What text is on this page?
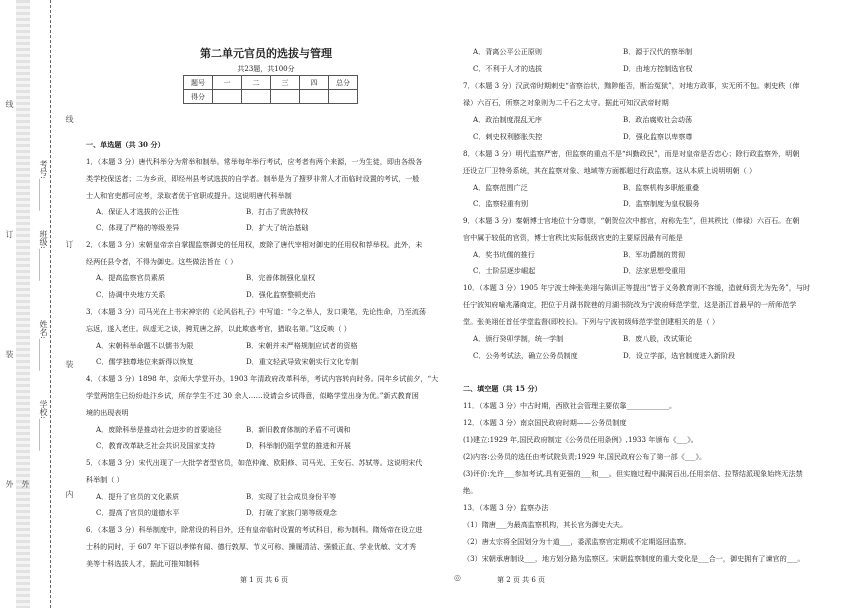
线
订
装
外 外
线
订
装
内
学校:________
姓名:________
班级:________
考号:________
第二单元官员的选拔与管理
共23题，共100分
题号	一	二	三	四	总分
得分					

一、单选题（共 30 分）

1．（本题 3 分）唐代科举分为常举和制举。常举每年举行考试，应考者有两个来源，一为生徒，即由各级各

类学校保送者；二为乡贡，即经州县考试选拔的自学者。制举是为了搜罗非常人才而临时设置的考试，一般

士人和官吏都可应考，录取者优于官职或提升。这说明唐代科举制

A．保证人才选拔的公正性	B．打击了贵族特权

C．体现了严格的等级差异	D．扩大了统治基础

2．（本题 3 分）宋朝皇帝亲自掌握监察御史的任用权，废除了唐代宰相对御史的任用权和荐举权。此外，未

经两任县令者，不得为御史。这些做法旨在（ ）

A．提高监察官员素质	B．完善体制强化皇权

C．协调中央地方关系	D．强化监察整顿吏治

3．（本题 3 分）司马光在上书宋神宗的《论风俗札子》中写道：“今之举人，发口秉笔，先论性命，乃至流荡

忘返，遂入老庄。纵虚无之谈，骋荒唐之辞，以此欺惑考官，猎取名第。”这反映（ ）

A．宋朝科举命题不以儒书为限	B．宋朝并未严格规制应试者的资格

C．儒学独尊地位来新得以恢复	D．重文轻武导致宋朝实行文化专制

4．（本题 3 分）1898 年，京师大学堂开办，1903 年清政府改革科举，考试内容转向时务。同年乡试前夕，“大

学堂两馆生已纷纷赴汴乡试，所存学生不过 30 余人……设请会乡试得意，似略学堂出身为优。”新式教育困

境的出现表明

A．废除科举是推动社会进步的首要途径	B．新旧教育体制的矛盾不可调和

C．教育改革缺乏社会共识及国家支持	D．科举制仍阻学堂的推进和开展

5．（本题 3 分）宋代出现了一大批学者型官员，如范仲淹、欧阳修、司马光、王安石、苏轼等。这说明宋代

科举制（ ）

A．提升了官员的文化素质	B．实现了社会成员身份平等

C．提高了官员的道德水平	D．打破了家族门第等级观念

6．（本题 3 分）科举制度中，除常设的科目外，还有皇帝临时设置的考试科目，称为制科。隋炀帝在设立进

士科的同时，于 607 年下诏以孝悌有闻、德行敦厚、节义可称、操履清洁、强毅正直、学业优敏、文才秀

美等十科选拔人才，据此可推知制科

A．背离公平公正原则	B．源于汉代的察举制

C．不利于人才的选拔	D．由地方控制选官权

7．（本题 3 分）汉武帝时期刺史“省察治状，黜陟能否，断治冤狱”，对地方政事，实无所不包。刺史秩（俸

禄）六百石，所察之对象则为二千石之太守。据此可知汉武帝时期

A．政治制度混乱无序	B．政治腐败社会动荡

C．刺史权利膨胀失控	D．强化监察以卑察尊

8．（本题 3 分）明代监察严密，但监察的重点不是“纠勤政民”，而是对皇帝是否忠心；除行政监察外，明朝

还设立厂卫特务系统，其在监察对象、地域等方面都超过行政监察。这从本质上说明明朝（ ）

A．监察范围广泛	B．监察机构多职能重叠

C．监察轻重有别	D．监察制度为皇权服务

9．（本题 3 分）秦朝博士官地位十分尊崇，“朝贺位次中都官，府称先生”，但其秩比（俸禄）六百石。在朝

官中属于较低的官资，博士官秩比实际低级官吏的主要原因最有可能是

A．奖书坑儒的推行	B．军功爵制的贯彻

C．士阶层逐步崛起	D．法家思想受重用

10．（本题 3 分）1905 年宁波士绅张美翊与陈训正等提出“皆于义务教育则不容缓，造就师资尤为先务”，与时

任宁波知府喻兆藩商定，把位于月湖书院巷的月湖书院改为宁波府师范学堂，这是浙江首最早的一所师范学

堂。张美翊任首任学堂监督(即校长)。下列与宁波初级师范学堂创建相关的是（ ）

A．颁行癸卯学制，统一学制	B．废八股，改试策论

C．公务考试法，确立公务员制度	D．设立学部，选官制度进入新阶段

二、填空题（共 15 分）

11．（本题 3 分）中古时期，西欧社会管理主要依靠____________。

12．（本题 3 分）南京国民政府时期——公务员制度

(1)建立:1929 年,国民政府制定《公务员任用条例》,1933 年颁布《___》。

(2)内容:公务员的选任由考试院负责;1929 年,国民政府公布了第一部《___》。

(3)评价:允许___参加考试,具有更强的___和___。但实施过程中漏洞百出,任用亲信、拉帮结派现象始终无法禁

绝。

13．（本题 3 分）监察办法

（1）隋唐___为最高监察机构，其长官为御史大夫。

（2）唐太宗将全国划分为十道___，委派监察官定期或不定期巡回监察。

（3）宋朝承唐制设___，地方划分路为监察区。宋朝监察制度的重大变化是___合一，御史拥有了谏官的___。

第 1 页 共 6 页	◎	第 2 页 共 6 页
